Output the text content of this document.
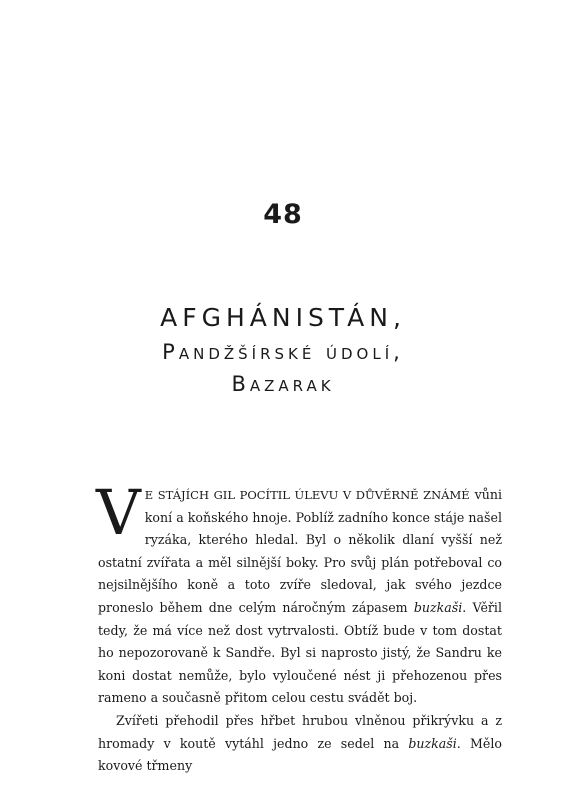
48
AFGHÁNISTÁN,
Pandžšírské údolí,
Bazarak

VE STÁJÍCH GIL POCÍTIL ÚLEVU V DŮVĚRNĚ ZNÁMÉ vůni koní a koňského hnoje. Poblíž zadního konce stáje našel ryzáka, kterého hledal. Byl o několik dlaní vyšší než ostatní zvířata a měl silnější boky. Pro svůj plán potřeboval co nejsilnějšího koně a toto zvíře sledoval, jak svého jezdce proneslo během dne celým náročným zápasem buzkaši. Věřil tedy, že má více než dost vytrvalosti. Obtíž bude v tom dostat ho nepozorovaně k Sandře. Byl si naprosto jistý, že Sandru ke koni dostat nemůže, bylo vyloučené nést ji přehozenou přes rameno a současně přitom celou cestu svádět boj.

Zvířeti přehodil přes hřbet hrubou vlněnou přikrývku a z hromady v koutě vytáhl jedno ze sedel na buzkaši. Mělo kovové třmeny
